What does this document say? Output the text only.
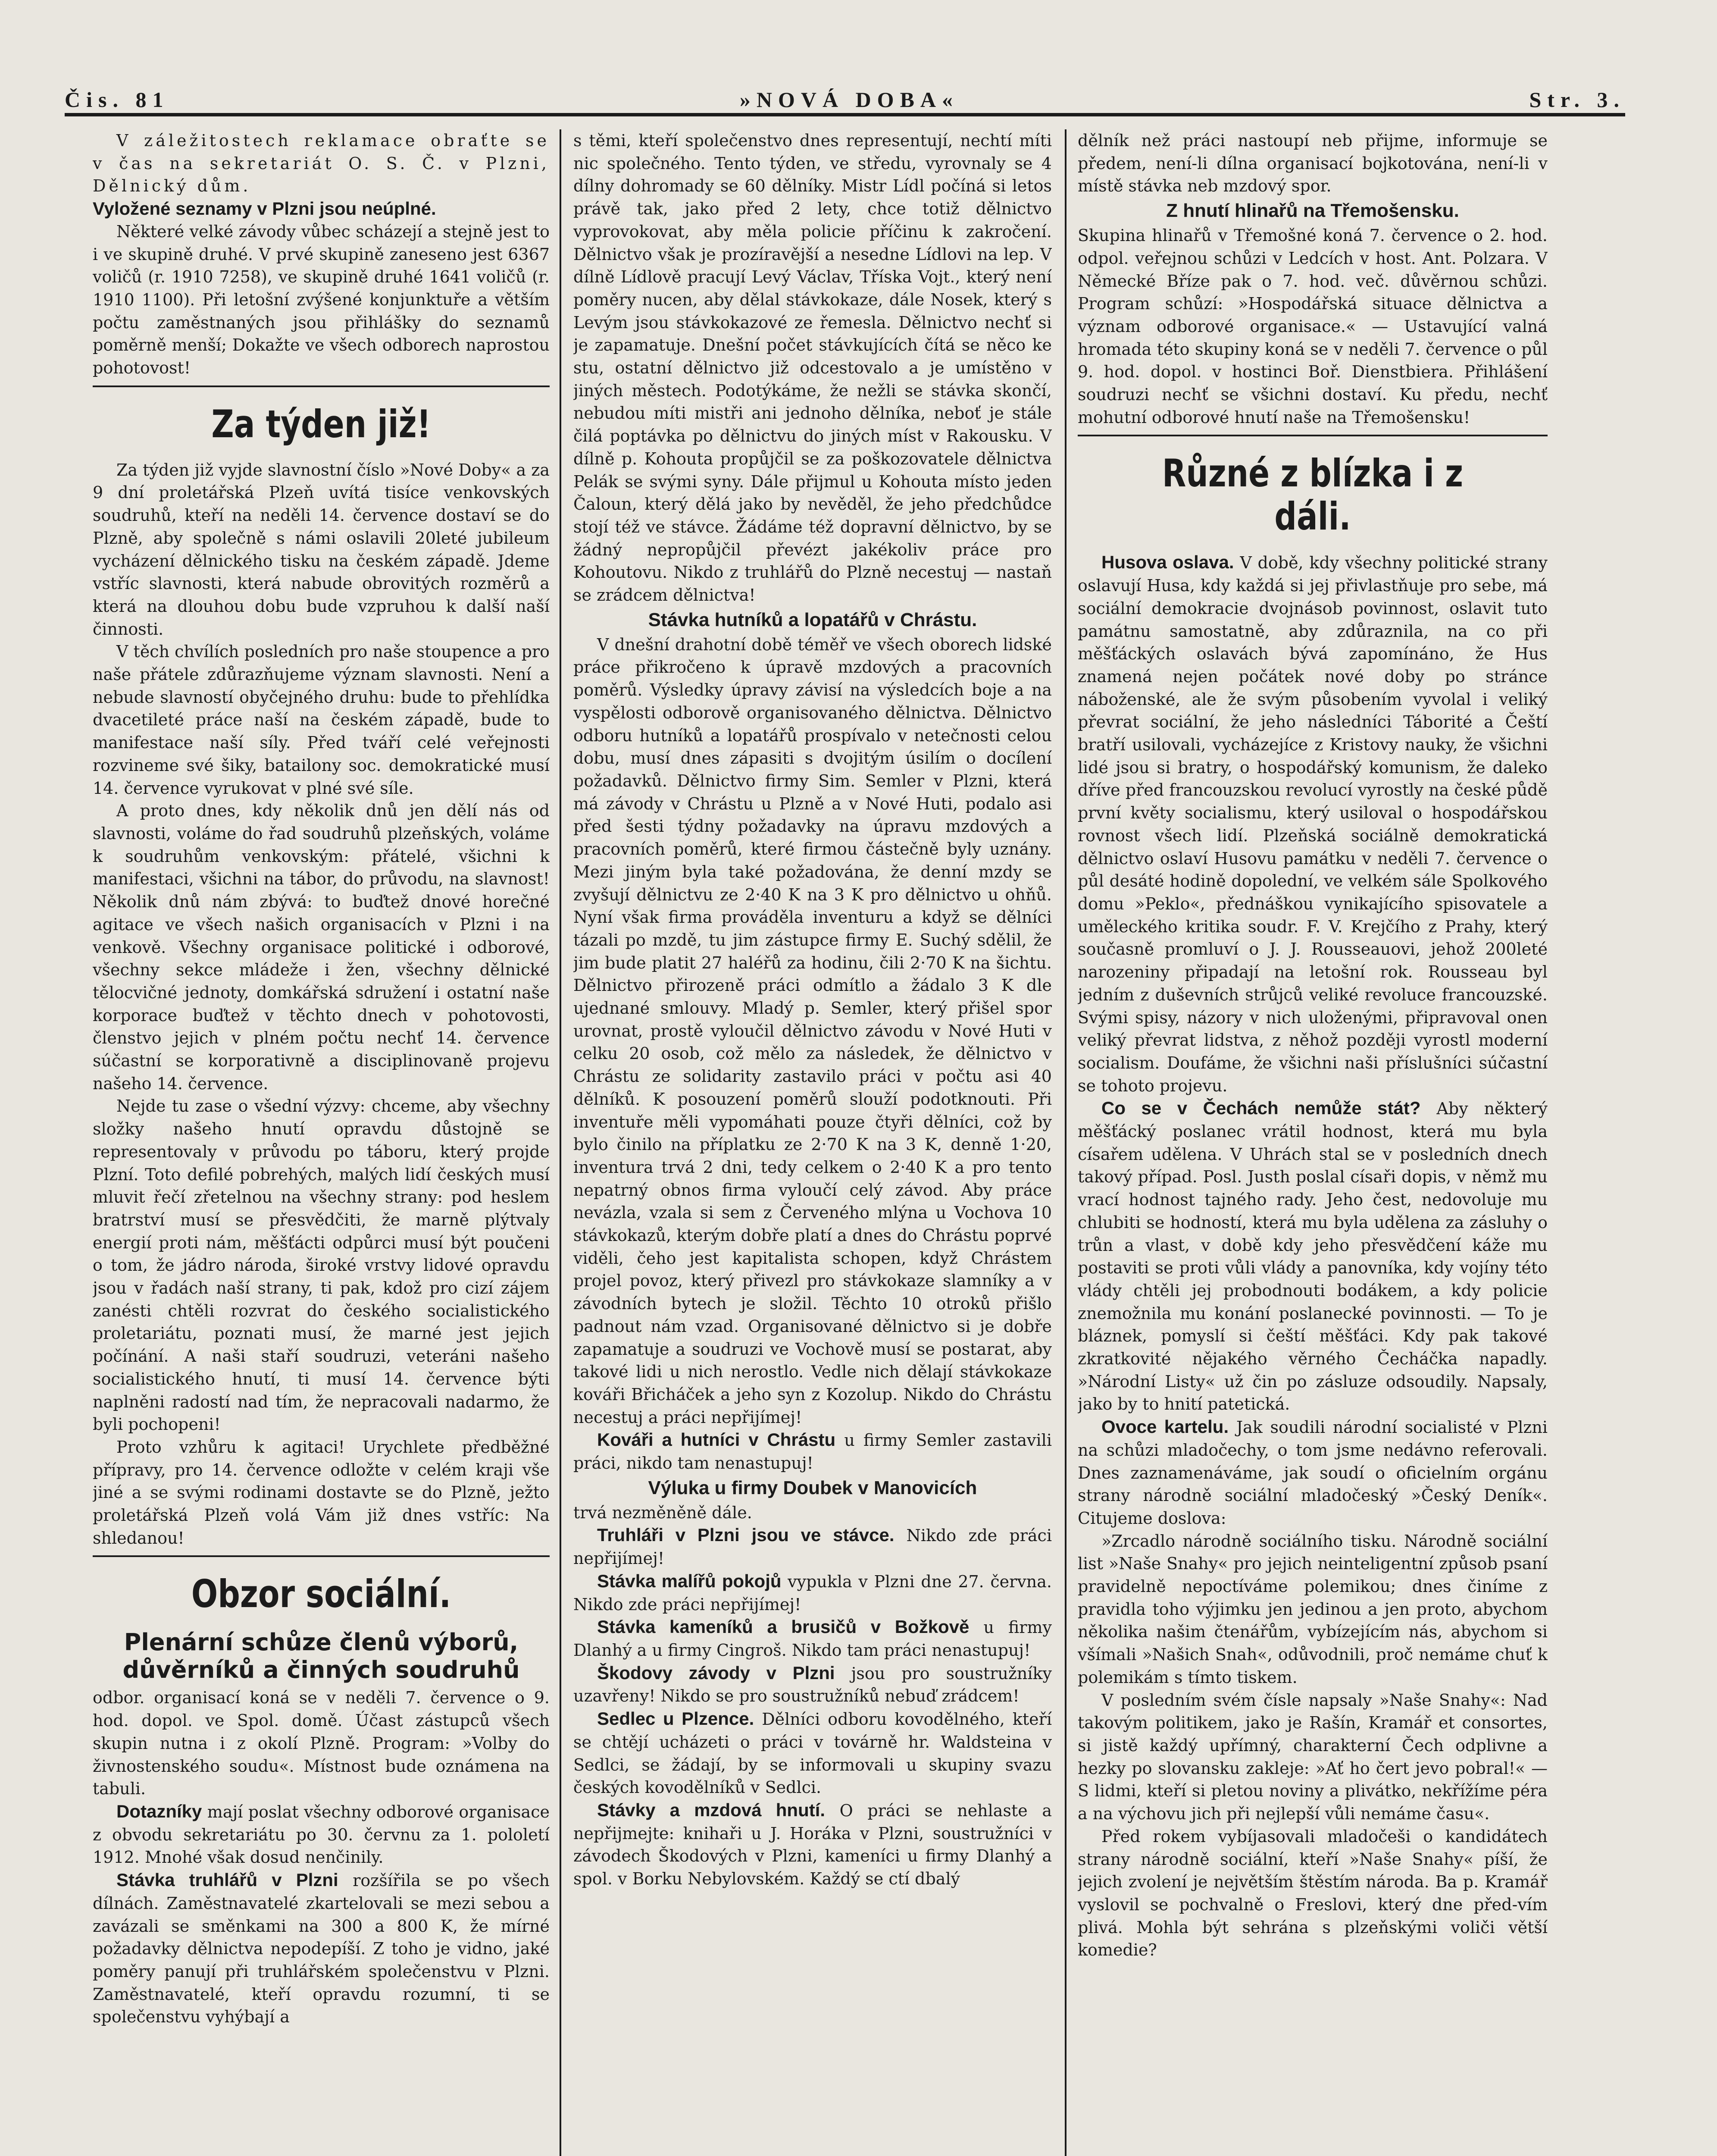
Čis. 81	»NOVÁ DOBA«	Str. 3.

V záležitostech reklamace obraťte se v čas na sekretariát O. S. Č. v Plzni, Dělnický dům.

Vyložené seznamy v Plzni jsou neúplné.

Některé velké závody vůbec scházejí a stejně jest to i ve skupině druhé. V prvé skupině zaneseno jest 6367 voličů (r. 1910 7258), ve skupině druhé 1641 voličů (r. 1910 1100). Při letošní zvýšené konjunktuře a větším počtu zaměstnaných jsou přihlášky do seznamů poměrně menší; Dokažte ve všech odborech naprostou pohotovost!

Za týden již!

Za týden již vyjde slavnostní číslo »Nové Doby« a za 9 dní proletářská Plzeň uvítá tisíce venkovských soudruhů, kteří na neděli 14. července dostaví se do Plzně, aby společně s námi oslavili 20leté jubileum vycházení dělnického tisku na českém západě. Jdeme vstříc slavnosti, která nabude obrovitých rozměrů a která na dlouhou dobu bude vzpruhou k další naší činnosti.

V těch chvílích posledních pro naše stoupence a pro naše přátele zdůrazňujeme význam slavnosti. Není a nebude slavností obyčejného druhu: bude to přehlídka dvacetileté práce naší na českém západě, bude to manifestace naší síly. Před tváří celé veřejnosti rozvineme své šiky, batailony soc. demokratické musí 14. července vyrukovat v plné své síle.

A proto dnes, kdy několik dnů jen dělí nás od slavnosti, voláme do řad soudruhů plzeňských, voláme k soudruhům venkovským: přátelé, všichni k manifestaci, všichni na tábor, do průvodu, na slavnost! Několik dnů nám zbývá: to buďtež dnové horečné agitace ve všech našich organisacích v Plzni i na venkově. Všechny organisace politické i odborové, všechny sekce mládeže i žen, všechny dělnické tělocvičné jednoty, domkářská sdružení i ostatní naše korporace buďtež v těchto dnech v pohotovosti, členstvo jejich v plném počtu nechť 14. července súčastní se korporativně a disciplinovaně projevu našeho 14. července.

Nejde tu zase o všední výzvy: chceme, aby všechny složky našeho hnutí opravdu důstojně se representovaly v průvodu po táboru, který projde Plzní. Toto defilé pobrehých, malých lidí českých musí mluvit řečí zřetelnou na všechny strany: pod heslem bratrství musí se přesvědčiti, že marně plýtvaly energií proti nám, měšťácti odpůrci musí být poučeni o tom, že jádro národa, široké vrstvy lidové opravdu jsou v řadách naší strany, ti pak, kdož pro cizí zájem zanésti chtěli rozvrat do českého socialistického proletariátu, poznati musí, že marné jest jejich počínání. A naši staří soudruzi, veteráni našeho socialistického hnutí, ti musí 14. července býti naplněni radostí nad tím, že nepracovali nadarmo, že byli pochopeni!

Proto vzhůru k agitaci! Urychlete předběžné přípravy, pro 14. července odložte v celém kraji vše jiné a se svými rodinami dostavte se do Plzně, ježto proletářská Plzeň volá Vám již dnes vstříc: Na shledanou!

Obzor sociální.
Plenární schůze členů výborů, důvěrníků a činných soudruhů

odbor. organisací koná se v neděli 7. července o 9. hod. dopol. ve Spol. domě. Účast zástupců všech skupin nutna i z okolí Plzně. Program: »Volby do živnostenského soudu«. Místnost bude oznámena na tabuli.

Dotazníky mají poslat všechny odborové organisace z obvodu sekretariátu po 30. červnu za 1. pololetí 1912. Mnohé však dosud nenčinily.

Stávka truhlářů v Plzni rozšířila se po všech dílnách. Zaměstnavatelé zkartelovali se mezi sebou a zavázali se směnkami na 300 a 800 K, že mírné požadavky dělnictva nepodepíší. Z toho je vidno, jaké poměry panují při truhlářském společenstvu v Plzni. Zaměstnavatelé, kteří opravdu rozumní, ti se společenstvu vyhýbají a

s těmi, kteří společenstvo dnes representují, nechtí míti nic společného. Tento týden, ve středu, vyrovnaly se 4 dílny dohromady se 60 dělníky. Mistr Lídl počíná si letos právě tak, jako před 2 lety, chce totiž dělnictvo vyprovokovat, aby měla policie příčinu k zakročení. Dělnictvo však je prozíravější a nesedne Lídlovi na lep. V dílně Lídlově pracují Levý Václav, Tříska Vojt., který není poměry nucen, aby dělal stávkokaze, dále Nosek, který s Levým jsou stávkokazové ze řemesla. Dělnictvo nechť si je zapamatuje. Dnešní počet stávkujících čítá se něco ke stu, ostatní dělnictvo již odcestovalo a je umístěno v jiných městech. Podotýkáme, že nežli se stávka skončí, nebudou míti mistři ani jednoho dělníka, neboť je stále čilá poptávka po dělnictvu do jiných míst v Rakousku. V dílně p. Kohouta propůjčil se za poškozovatele dělnictva Pelák se svými syny. Dále přijmul u Kohouta místo jeden Čaloun, který dělá jako by nevěděl, že jeho předchůdce stojí též ve stávce. Žádáme též dopravní dělnictvo, by se žádný nepropůjčil převézt jakékoliv práce pro Kohoutovu. Nikdo z truhlářů do Plzně necestuj — nastaň se zrádcem dělnictva!

Stávka hutníků a lopatářů v Chrástu.

V dnešní drahotní době téměř ve všech oborech lidské práce přikročeno k úpravě mzdových a pracovních poměrů. Výsledky úpravy závisí na výsledcích boje a na vyspělosti odborově organisovaného dělnictva. Dělnictvo odboru hutníků a lopatářů prospívalo v netečnosti celou dobu, musí dnes zápasiti s dvojitým úsilím o docílení požadavků. Dělnictvo firmy Sim. Semler v Plzni, která má závody v Chrástu u Plzně a v Nové Huti, podalo asi před šesti týdny požadavky na úpravu mzdových a pracovních poměrů, které firmou částečně byly uznány. Mezi jiným byla také požadována, že denní mzdy se zvyšují dělnictvu ze 2·40 K na 3 K pro dělnictvo u ohňů. Nyní však firma prováděla inventuru a když se dělníci tázali po mzdě, tu jim zástupce firmy E. Suchý sdělil, že jim bude platit 27 haléřů za hodinu, čili 2·70 K na šichtu. Dělnictvo přirozeně práci odmítlo a žádalo 3 K dle ujednané smlouvy. Mladý p. Semler, který přišel spor urovnat, prostě vyloučil dělnictvo závodu v Nové Huti v celku 20 osob, což mělo za následek, že dělnictvo v Chrástu ze solidarity zastavilo práci v počtu asi 40 dělníků. K posouzení poměrů slouží podotknouti. Při inventuře měli vypomáhati pouze čtyři dělníci, což by bylo činilo na příplatku ze 2·70 K na 3 K, denně 1·20, inventura trvá 2 dni, tedy celkem o 2·40 K a pro tento nepatrný obnos firma vyloučí celý závod. Aby práce nevázla, vzala si sem z Červeného mlýna u Vochova 10 stávkokazů, kterým dobře platí a dnes do Chrástu poprvé viděli, čeho jest kapitalista schopen, když Chrástem projel povoz, který přivezl pro stávkokaze slamníky a v závodních bytech je složil. Těchto 10 otroků přišlo padnout nám vzad. Organisované dělnictvo si je dobře zapamatuje a soudruzi ve Vochově musí se postarat, aby takové lidi u nich nerostlo. Vedle nich dělají stávkokaze kováři Břicháček a jeho syn z Kozolup. Nikdo do Chrástu necestuj a práci nepřijímej!

Kováři a hutníci v Chrástu u firmy Semler zastavili práci, nikdo tam nenastupuj!

Výluka u firmy Doubek v Manovicích

trvá nezměněně dále.

Truhláři v Plzni jsou ve stávce. Nikdo zde práci nepřijímej!

Stávka malířů pokojů vypukla v Plzni dne 27. června. Nikdo zde práci nepřijímej!

Stávka kameníků a brusičů v Božkově u firmy Dlanhý a u firmy Cingroš. Nikdo tam práci nenastupuj!

Škodovy závody v Plzni jsou pro soustružníky uzavřeny! Nikdo se pro soustružníků nebuď zrádcem!

Sedlec u Plzence. Dělníci odboru kovodělného, kteří se chtějí ucházeti o práci v továrně hr. Waldsteina v Sedlci, se žádají, by se informovali u skupiny svazu českých kovodělníků v Sedlci.

Stávky a mzdová hnutí. O práci se nehlaste a nepřijmejte: knihaři u J. Horáka v Plzni, soustružníci v závodech Škodových v Plzni, kameníci u firmy Dlanhý a spol. v Borku Nebylovském. Každý se ctí dbalý

dělník než práci nastoupí neb přijme, informuje se předem, není-li dílna organisací bojkotována, není-li v místě stávka neb mzdový spor.

Z hnutí hlinařů na Třemošensku.

Skupina hlinařů v Třemošné koná 7. července o 2. hod. odpol. veřejnou schůzi v Ledcích v host. Ant. Polzara. V Německé Bříze pak o 7. hod. več. důvěrnou schůzi. Program schůzí: »Hospodářská situace dělnictva a význam odborové organisace.« — Ustavující valná hromada této skupiny koná se v neděli 7. července o půl 9. hod. dopol. v hostinci Boř. Dienstbiera. Přihlášení soudruzi nechť se všichni dostaví. Ku předu, nechť mohutní odborové hnutí naše na Třemošensku!

Různé z blízka i z dáli.

Husova oslava. V době, kdy všechny politické strany oslavují Husa, kdy každá si jej přivlastňuje pro sebe, má sociální demokracie dvojnásob povinnost, oslavit tuto památnu samostatně, aby zdůraznila, na co při měšťáckých oslavách bývá zapomínáno, že Hus znamená nejen počátek nové doby po stránce náboženské, ale že svým působením vyvolal i veliký převrat sociální, že jeho následníci Táborité a Čeští bratří usilovali, vycházejíce z Kristovy nauky, že všichni lidé jsou si bratry, o hospodářský komunism, že daleko dříve před francouzskou revolucí vyrostly na české půdě první květy socialismu, který usiloval o hospodářskou rovnost všech lidí. Plzeňská sociálně demokratická dělnictvo oslaví Husovu památku v neděli 7. července o půl desáté hodině dopolední, ve velkém sále Spolkového domu »Peklo«, přednáškou vynikajícího spisovatele a uměleckého kritika soudr. F. V. Krejčího z Prahy, který současně promluví o J. J. Rousseauovi, jehož 200leté narozeniny připadají na letošní rok. Rousseau byl jedním z duševních strůjců veliké revoluce francouzské. Svými spisy, názory v nich uloženými, připravoval onen veliký převrat lidstva, z něhož později vyrostl moderní socialism. Doufáme, že všichni naši příslušníci súčastní se tohoto projevu.

Co se v Čechách nemůže stát? Aby některý měšťácký poslanec vrátil hodnost, která mu byla císařem udělena. V Uhrách stal se v posledních dnech takový případ. Posl. Justh poslal císaři dopis, v němž mu vrací hodnost tajného rady. Jeho čest, nedovoluje mu chlubiti se hodností, která mu byla udělena za zásluhy o trůn a vlast, v době kdy jeho přesvědčení káže mu postaviti se proti vůli vlády a panovníka, kdy vojíny této vlády chtěli jej probodnouti bodákem, a kdy policie znemožnila mu konání poslanecké povinnosti. — To je bláznek, pomyslí si čeští měšťáci. Kdy pak takové zkratkovité nějakého věrného Čecháčka napadly. »Národní Listy« už čin po zásluze odsoudily. Napsaly, jako by to hnití patetická.

Ovoce kartelu. Jak soudili národní socialisté v Plzni na schůzi mladočechy, o tom jsme nedávno referovali. Dnes zaznamenáváme, jak soudí o oficielním orgánu strany národně sociální mladočeský »Český Deník«. Citujeme doslova:

»Zrcadlo národně sociálního tisku. Národně sociální list »Naše Snahy« pro jejich neinteligentní způsob psaní pravidelně nepoctíváme polemikou; dnes činíme z pravidla toho výjimku jen jedinou a jen proto, abychom několika našim čtenářům, vybízejícím nás, abychom si všímali »Našich Snah«, odůvodnili, proč nemáme chuť k polemikám s tímto tiskem.

V posledním svém čísle napsaly »Naše Snahy«: Nad takovým politikem, jako je Rašín, Kramář et consortes, si jistě každý upřímný, charakterní Čech odplivne a hezky po slovansku zakleje: »Ať ho čert jevo pobral!« — S lidmi, kteří si pletou noviny a plivátko, nekřížíme péra a na výchovu jich při nejlepší vůli nemáme času«.

Před rokem vybíjasovali mladočeši o kandidátech strany národně sociální, kteří »Naše Snahy« píší, že jejich zvolení je největším štěstím národa. Ba p. Kramář vyslovil se pochvalně o Freslovi, který dne před-vím plivá. Mohla být sehrána s plzeňskými voliči větší komedie?
